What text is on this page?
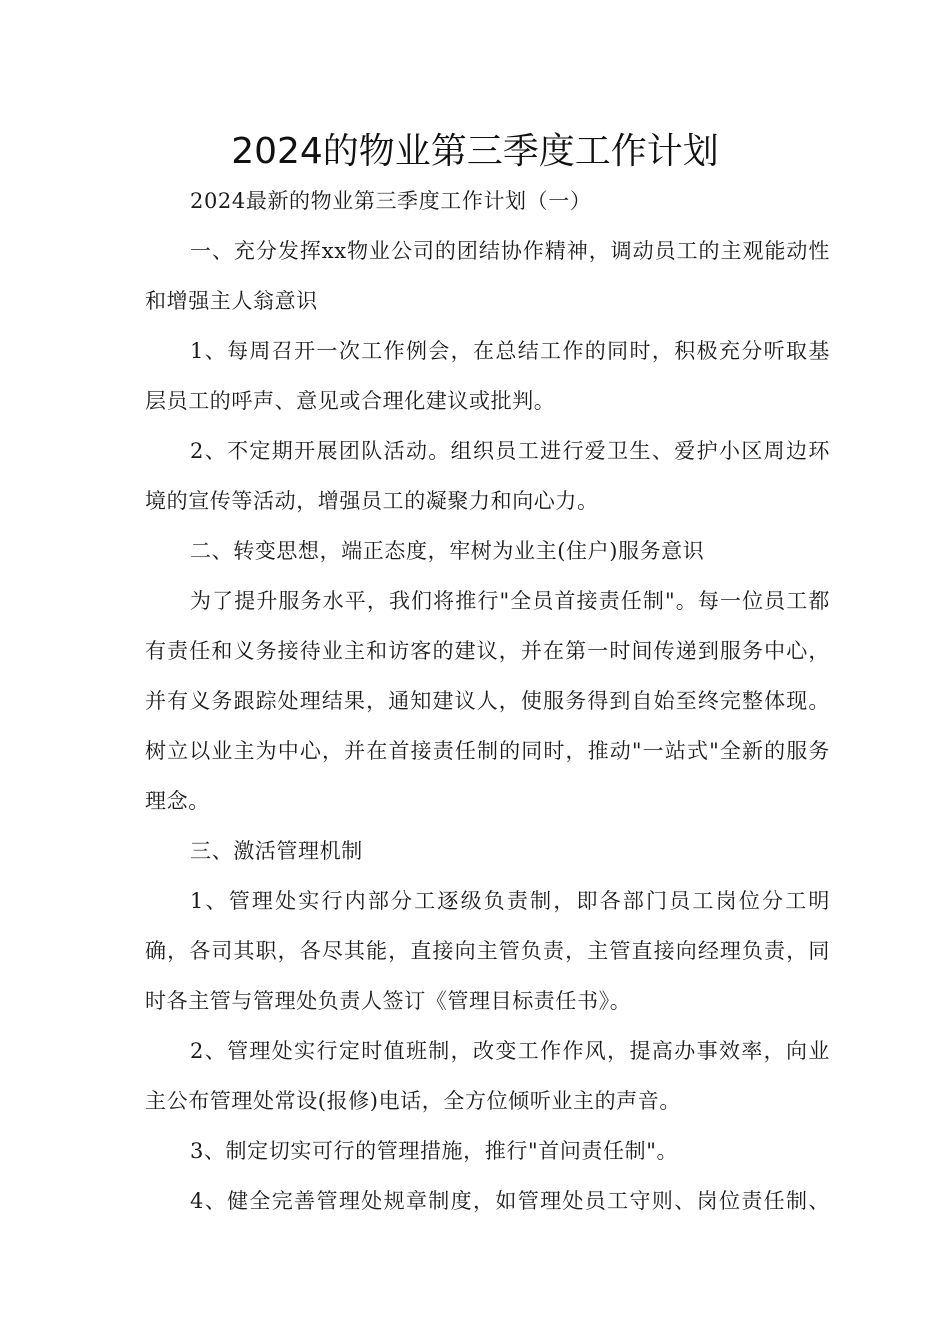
2024的物业第三季度工作计划

2024最新的物业第三季度工作计划（一）

一、充分发挥xx物业公司的团结协作精神，调动员工的主观能动性和增强主人翁意识

1、每周召开一次工作例会，在总结工作的同时，积极充分听取基层员工的呼声、意见或合理化建议或批判。

2、不定期开展团队活动。组织员工进行爱卫生、爱护小区周边环境的宣传等活动，增强员工的凝聚力和向心力。

二、转变思想，端正态度，牢树为业主(住户)服务意识

为了提升服务水平，我们将推行"全员首接责任制"。每一位员工都有责任和义务接待业主和访客的建议，并在第一时间传递到服务中心，并有义务跟踪处理结果，通知建议人，使服务得到自始至终完整体现。树立以业主为中心，并在首接责任制的同时，推动"一站式"全新的服务理念。

三、激活管理机制

1、管理处实行内部分工逐级负责制，即各部门员工岗位分工明确，各司其职，各尽其能，直接向主管负责，主管直接向经理负责，同时各主管与管理处负责人签订《管理目标责任书》。

2、管理处实行定时值班制，改变工作作风，提高办事效率，向业主公布管理处常设(报修)电话，全方位倾听业主的声音。

3、制定切实可行的管理措施，推行"首问责任制"。

4、健全完善管理处规章制度，如管理处员工守则、岗位责任制、
